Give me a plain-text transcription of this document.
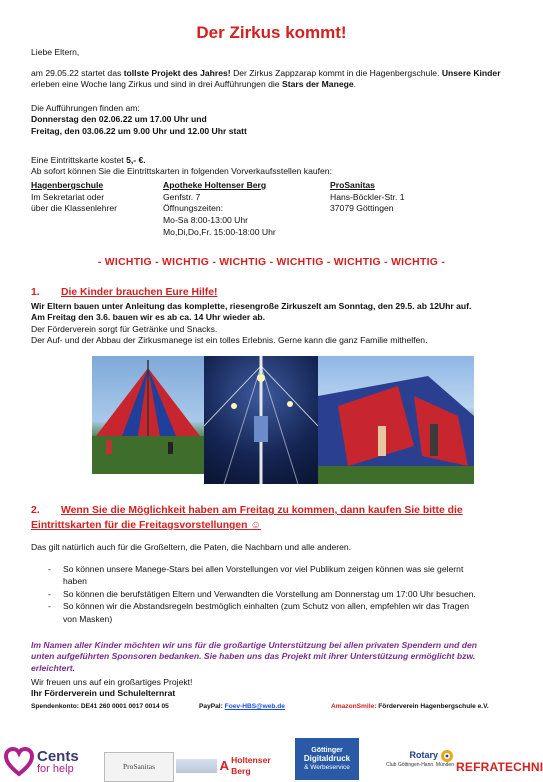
Der Zirkus kommt!
Liebe Eltern,
am 29.05.22 startet das tollste Projekt des Jahres! Der Zirkus Zappzarap kommt in die Hagenbergschule. Unsere Kinder erleben eine Woche lang Zirkus und sind in drei Aufführungen die Stars der Manege.
Die Aufführungen finden am:
Donnerstag den 02.06.22 um 17.00 Uhr und
Freitag, den 03.06.22 um 9.00 Uhr und 12.00 Uhr statt
Eine Eintrittskarte kostet 5,- €.
Ab sofort können Sie die Eintrittskarten in folgenden Vorverkaufsstellen kaufen:
Hagenbergschule
Im Sekretariat oder
über die Klassenlehrer
Apotheke Holtenser Berg
Genfstr. 7
Öffnungszeiten:
Mo-Sa 8:00-13:00 Uhr
Mo,Di,Do,Fr. 15:00-18:00 Uhr
ProSanitas
Hans-Böckler-Str. 1
37079 Göttingen
- WICHTIG - WICHTIG - WICHTIG - WICHTIG - WICHTIG - WICHTIG -
1. Die Kinder brauchen Eure Hilfe!
Wir Eltern bauen unter Anleitung das komplette, riesengroße Zirkuszelt am Sonntag, den 29.5. ab 12Uhr auf.
Am Freitag den 3.6. bauen wir es ab ca. 14 Uhr wieder ab.
Der Förderverein sorgt für Getränke und Snacks.
Der Auf- und der Abbau der Zirkusmanege ist ein tolles Erlebnis. Gerne kann die ganz Familie mithelfen.
2. Wenn Sie die Möglichkeit haben am Freitag zu kommen, dann kaufen Sie bitte die
Eintrittskarten für die Freitagsvorstellungen ☺
Das gilt natürlich auch für die Großeltern, die Paten, die Nachbarn und alle anderen.
- So können unsere Manege-Stars bei allen Vorstellungen vor viel Publikum zeigen können was sie gelernt
haben
- So können die berufstätigen Eltern und Verwandten die Vorstellung am Donnerstag um 17:00 Uhr besuchen.
- So können wir die Abstandsregeln bestmöglich einhalten (zum Schutz von allen, empfehlen wir das Tragen
von Masken)
Im Namen aller Kinder möchten wir uns für die großartige Unterstützung bei allen privaten Spendern und den
unten aufgeführten Sponsoren bedanken. Sie haben uns das Projekt mit ihrer Unterstützung ermöglicht bzw.
erleichtert.
Wir freuen uns auf ein großartiges Projekt!
Ihr Förderverein und Schulelternrat
Spendenkonto: DE41 260 0001 0017 0014 05	PayPal: Foev-HBS@web.de	AmazonSmile: Förderverein Hagenbergschule e.V.
Cents
for help	ProSanitas	A Holtenser Berg
Göttinger
Digitaldruck
& Werbeservice
Rotary
Club Göttingen-Hann. Münden REFRATECHNI
